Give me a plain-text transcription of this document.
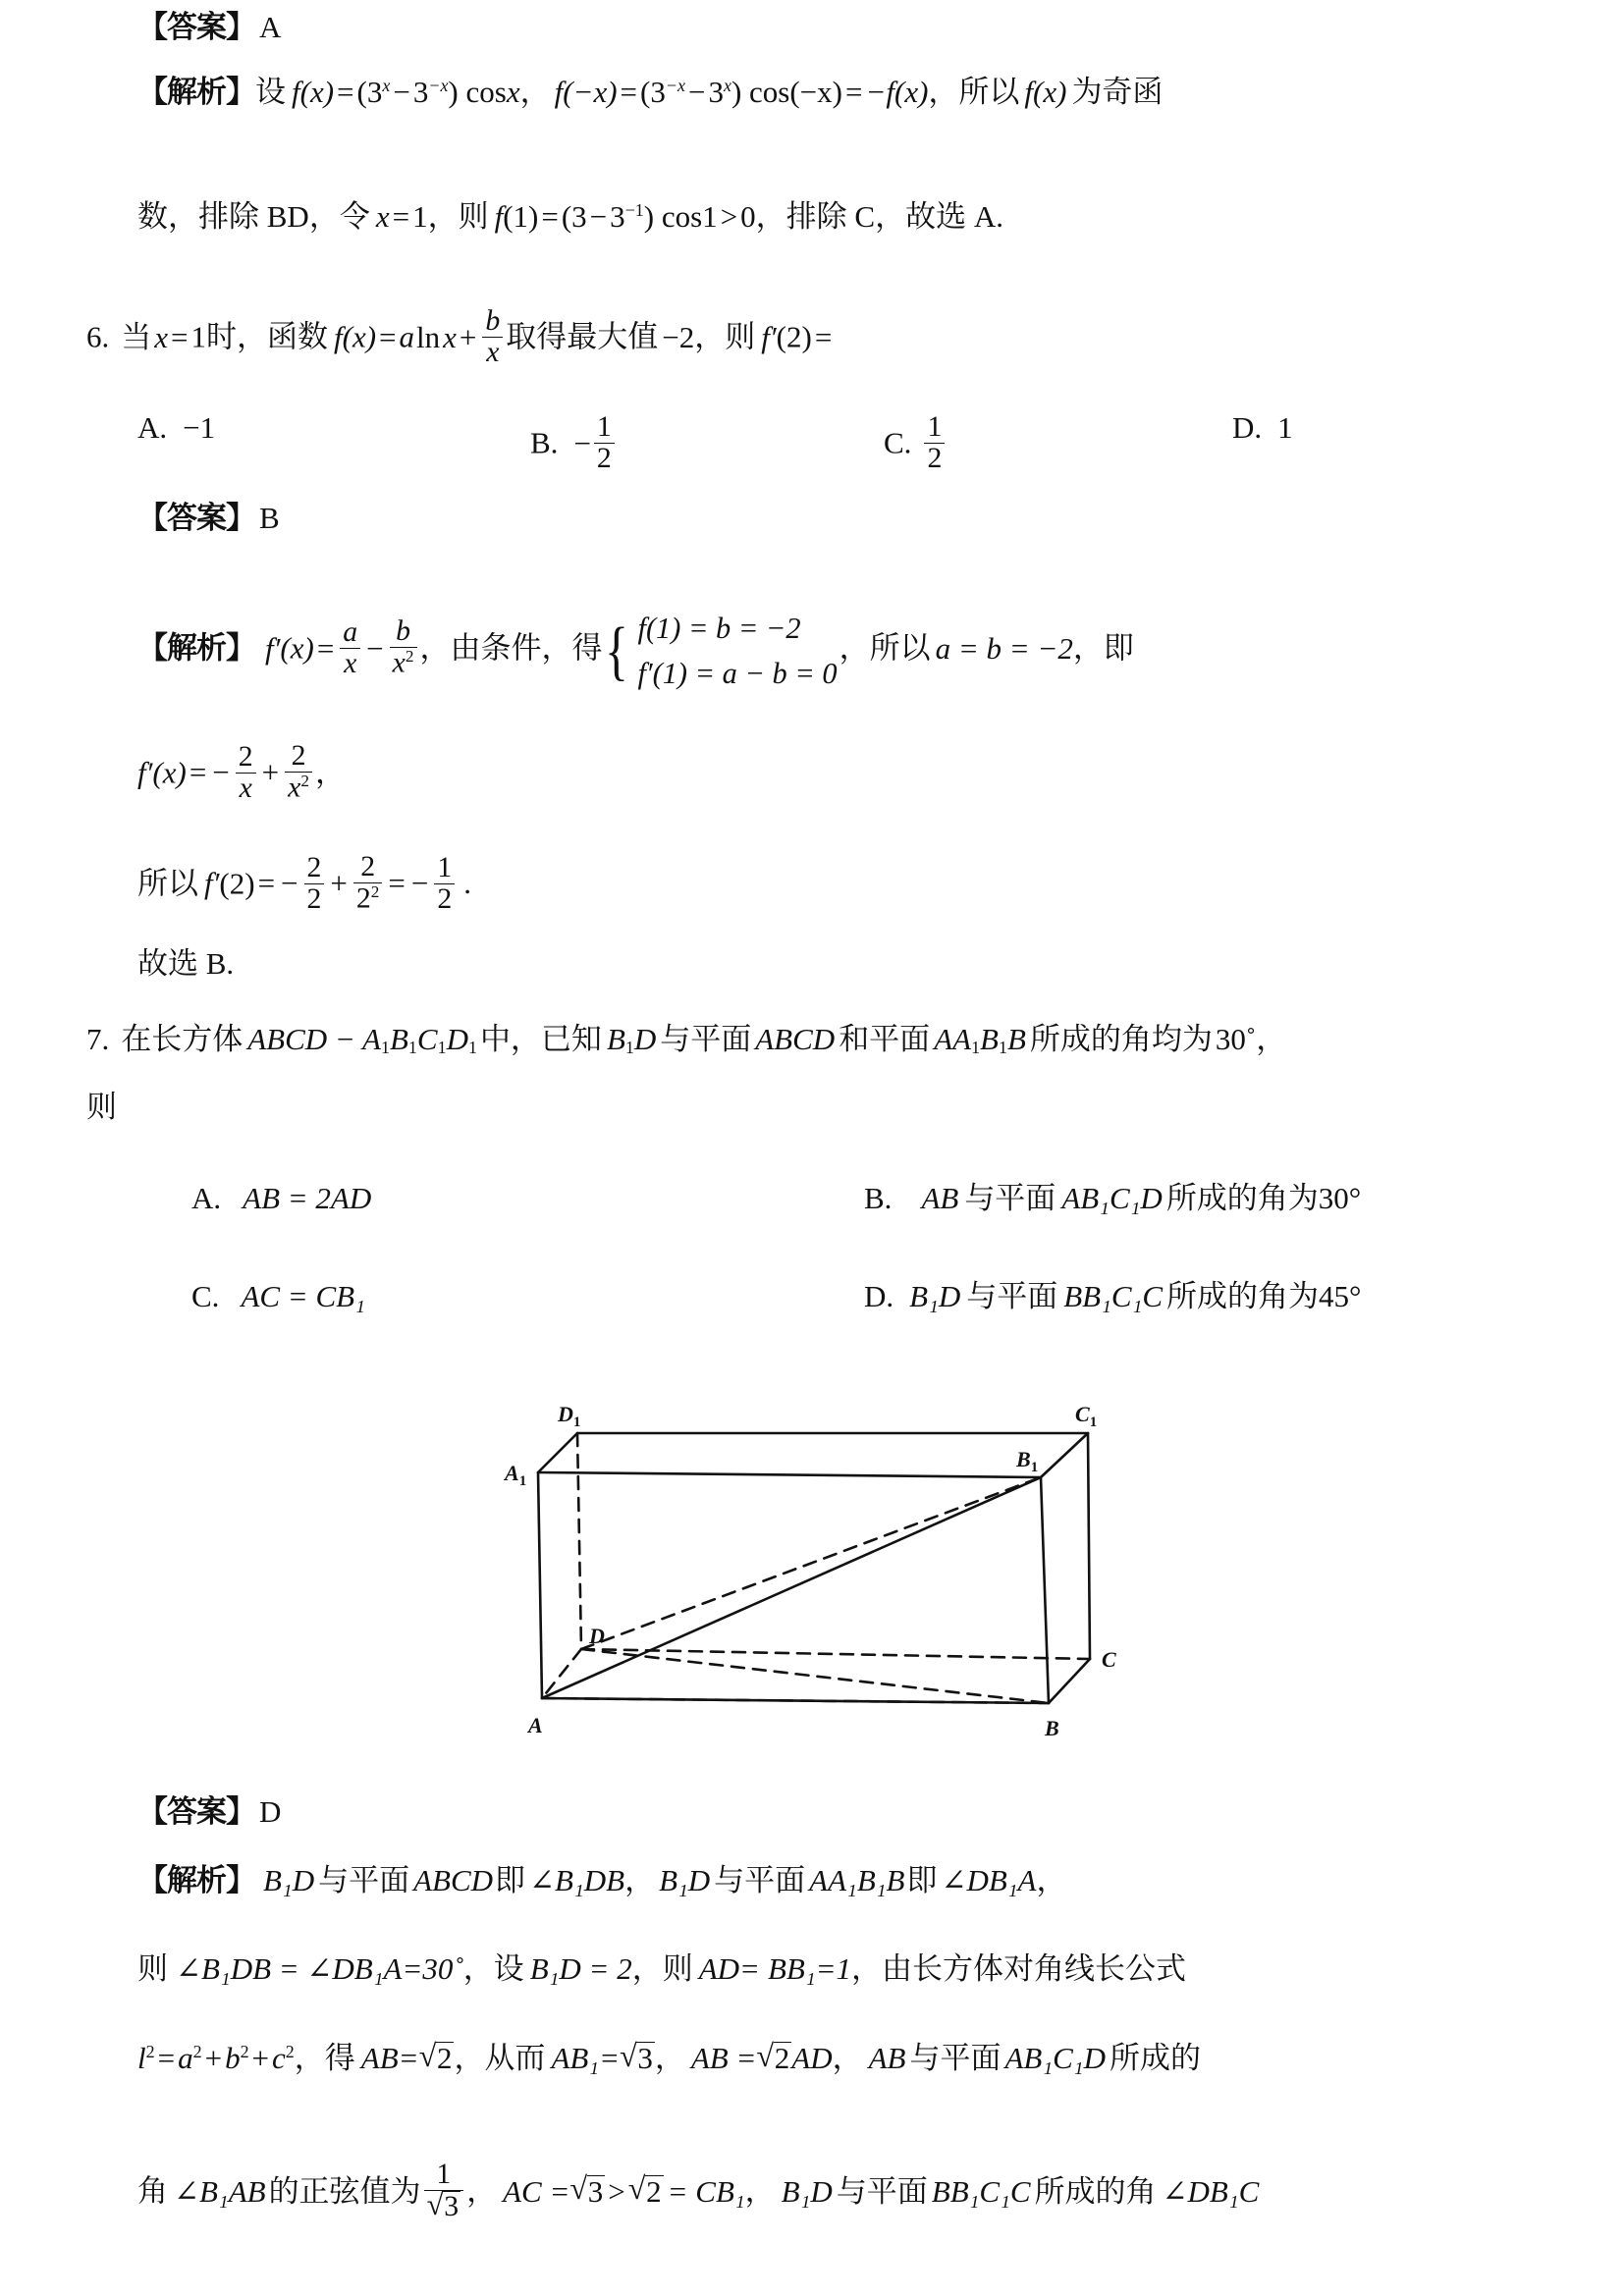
【答案】 A
【解析】设 $f(x)=(3^x-3^{-x})$ cosx， $f(-x)=(3^{-x}-3^x)$ cos(−x)=−f(x)，所以 f(x) 为奇函
数，排除 BD，令 x=1，则 $f(1)=(3-3^{-1})$ cos1>0，排除 C，故选 A.
6. 当x=1时，函数 $f(x)=alnx+ \frac{b}{x}$ 取得最大值 −2，则 f′(2)=
A. −1	B. − $\frac{1}{2}$	C. $\frac{1}{2}$	D. 1
【答案】 B
【解析】 $f'(x)= \frac{a}{x} - \frac{b}{x^2}$ ，由条件，得 { f(1) = b = −2
f′(1) = a − b = 0
，所以 a = b = −2，即
$f'(x)= - \frac{2}{x} + \frac{2}{x^2}$ ，
所以 $f'(2)= - \frac{2}{2} + \frac{2}{2^2}$ = − $\frac{1}{2}$ .
故选 B.
7. 在长方体 ABCD − $A_1B_1C_1D_1$中，已知 $B_1D$ 与平面 ABCD 和平面 $AA_1B_1B$ 所成的角均为30˚，
则
A. AB = 2AD	B. AB 与平面 AB₁C₁D 所成的角为30°
C. AC = CB₁	D. B₁D 与平面 BB₁C₁C 所成的角为45°
$D_1$	$C_1$
$A_1$
$B_1$
D
C
A	B
【答案】 D
【解析】 B₁D 与平面 ABCD即 ∠B₁DB， B₁D 与平面 AA₁B₁B即 ∠DB₁A，
则 ∠B₁DB = ∠DB₁A=30˚，设 B₁D = 2，则 AD= BB₁=1，由长方体对角线长公式
$l^2=a^2+b^2+c^2$，得 AB= √ 2，从而 AB₁= √ 3， AB = √ 2AD， AB 与平面 AB₁C₁D 所成的
角 ∠B₁AB的正弦值为 1
√ 3 ， AC = √ 3 > √ 2 = CB₁， B₁D 与平面 BB₁C₁C 所成的角 ∠DB₁C
